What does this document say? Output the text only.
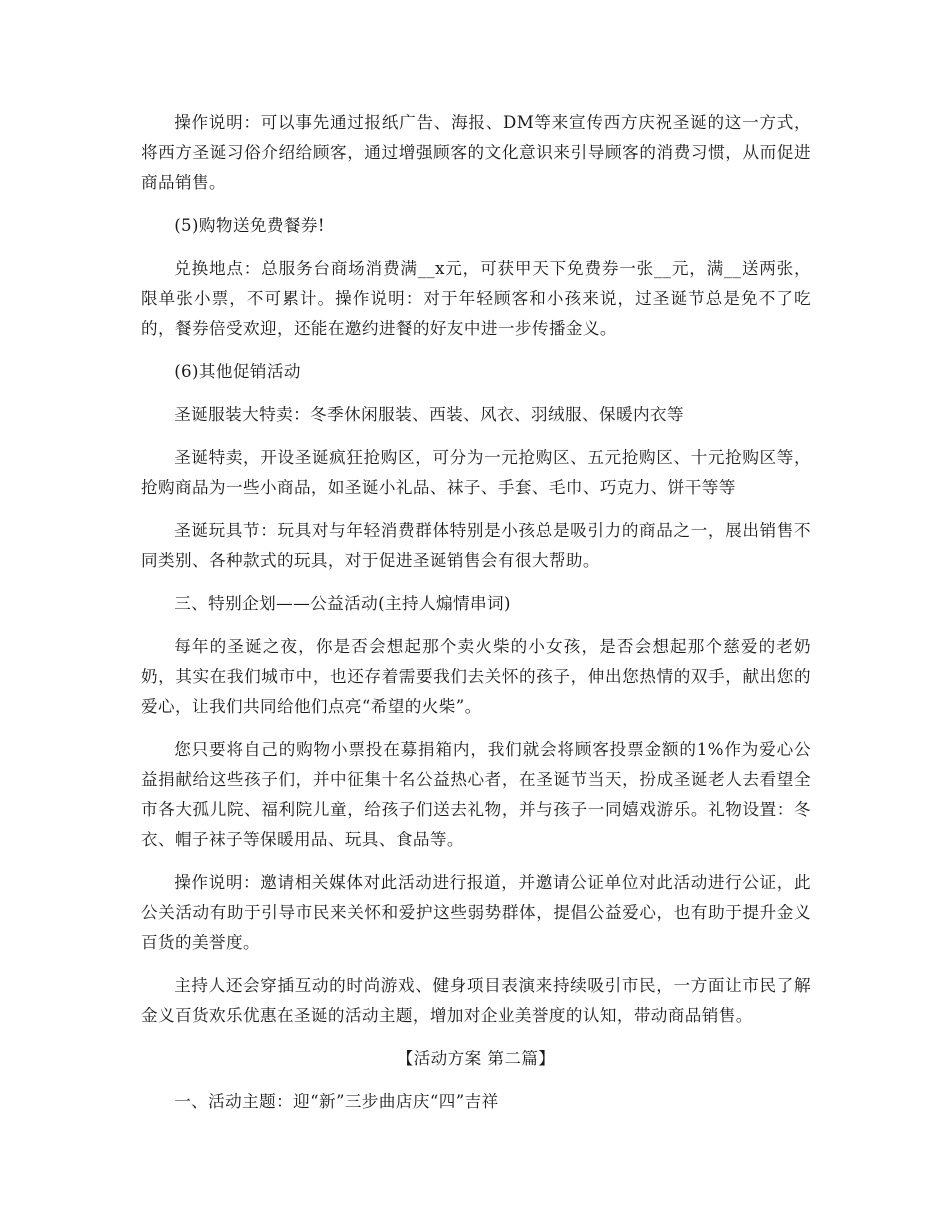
操作说明：可以事先通过报纸广告、海报、DM等来宣传西方庆祝圣诞的这一方式，将西方圣诞习俗介绍给顾客，通过增强顾客的文化意识来引导顾客的消费习惯，从而促进商品销售。

(5)购物送免费餐券!

兑换地点：总服务台商场消费满__x元，可获甲天下免费券一张__元，满__送两张，限单张小票，不可累计。操作说明：对于年轻顾客和小孩来说，过圣诞节总是免不了吃的，餐券倍受欢迎，还能在邀约进餐的好友中进一步传播金义。

(6)其他促销活动

圣诞服装大特卖：冬季休闲服装、西装、风衣、羽绒服、保暖内衣等

圣诞特卖，开设圣诞疯狂抢购区，可分为一元抢购区、五元抢购区、十元抢购区等，抢购商品为一些小商品，如圣诞小礼品、袜子、手套、毛巾、巧克力、饼干等等

圣诞玩具节：玩具对与年轻消费群体特别是小孩总是吸引力的商品之一，展出销售不同类别、各种款式的玩具，对于促进圣诞销售会有很大帮助。

三、特别企划——公益活动(主持人煽情串词)

每年的圣诞之夜，你是否会想起那个卖火柴的小女孩，是否会想起那个慈爱的老奶奶，其实在我们城市中，也还存着需要我们去关怀的孩子，伸出您热情的双手，献出您的爱心，让我们共同给他们点亮“希望的火柴”。

您只要将自己的购物小票投在募捐箱内，我们就会将顾客投票金额的1%作为爱心公益捐献给这些孩子们，并中征集十名公益热心者，在圣诞节当天，扮成圣诞老人去看望全市各大孤儿院、福利院儿童，给孩子们送去礼物，并与孩子一同嬉戏游乐。礼物设置：冬衣、帽子袜子等保暖用品、玩具、食品等。

操作说明：邀请相关媒体对此活动进行报道，并邀请公证单位对此活动进行公证，此公关活动有助于引导市民来关怀和爱护这些弱势群体，提倡公益爱心，也有助于提升金义百货的美誉度。

主持人还会穿插互动的时尚游戏、健身项目表演来持续吸引市民，一方面让市民了解金义百货欢乐优惠在圣诞的活动主题，增加对企业美誉度的认知，带动商品销售。

【活动方案 第二篇】

一、活动主题：迎“新”三步曲店庆“四”吉祥
